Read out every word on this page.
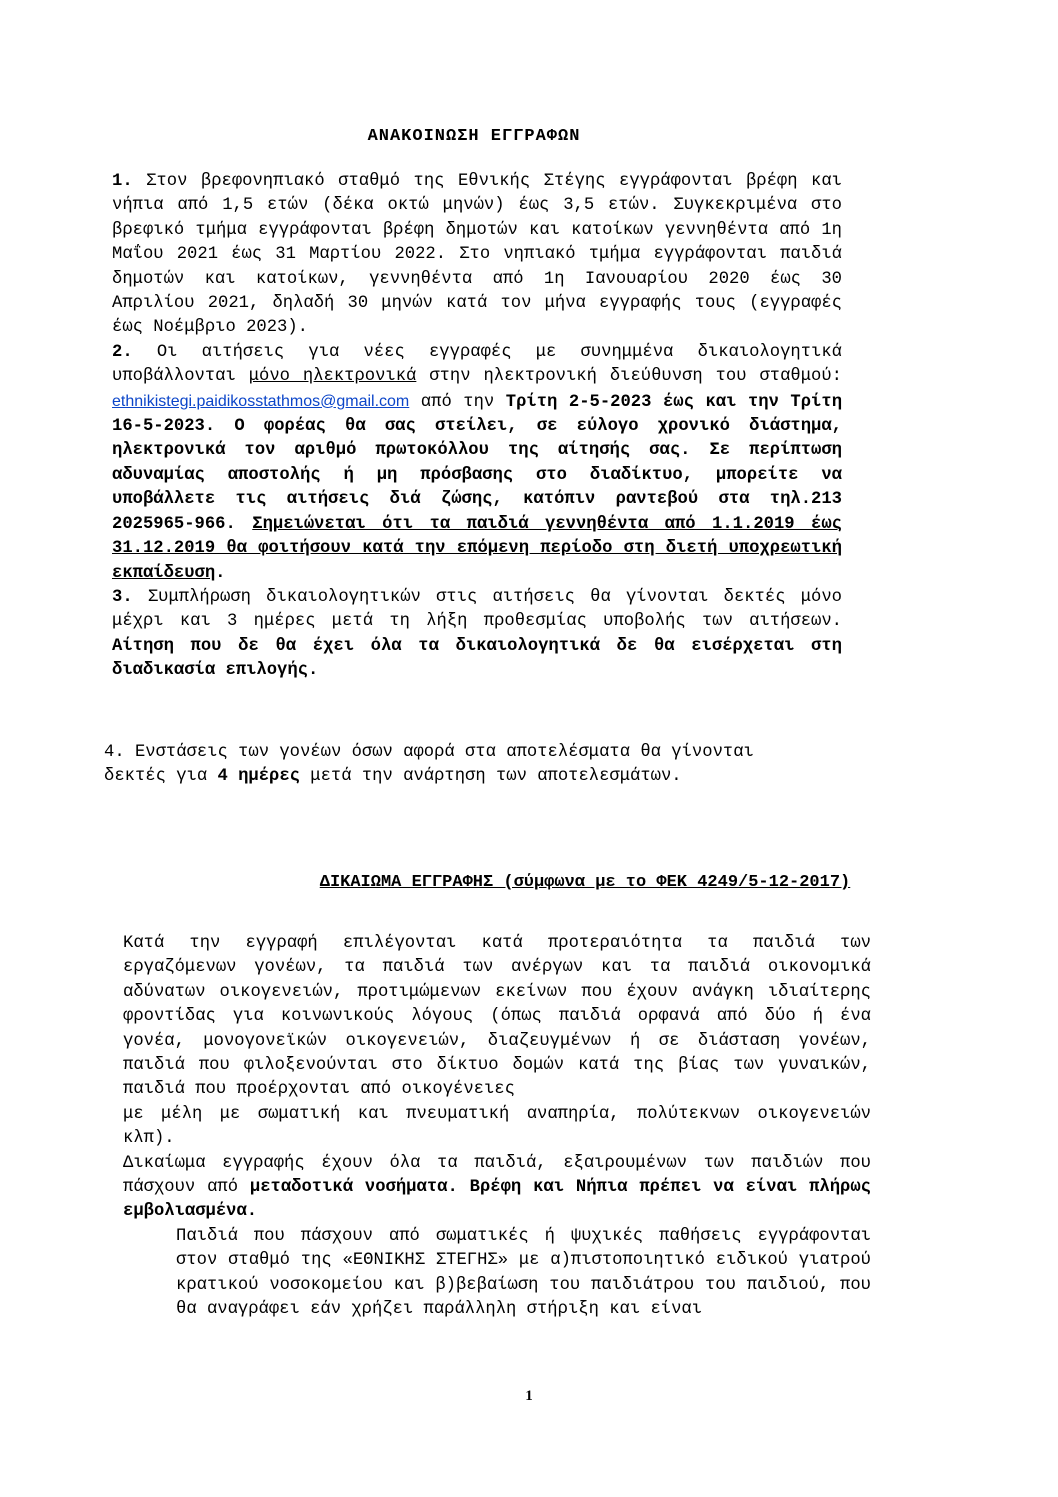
ΑΝΑΚΟΙΝΩΣΗ ΕΓΓΡΑΦΩΝ

1. Στον βρεφονηπιακό σταθμό της Εθνικής Στέγης εγγράφονται βρέφη και νήπια από 1,5 ετών (δέκα οκτώ μηνών) έως 3,5 ετών. Συγκεκριμένα στο βρεφικό τμήμα εγγράφονται βρέφη δημοτών και κατοίκων γεννηθέντα από 1η Μαΐου 2021 έως 31 Μαρτίου 2022. Στο νηπιακό τμήμα εγγράφονται παιδιά δημοτών και κατοίκων, γεννηθέντα από 1η Ιανουαρίου 2020 έως 30 Απριλίου 2021, δηλαδή 30 μηνών κατά τον μήνα εγγραφής τους (εγγραφές έως Νοέμβριο 2023).

2. Οι αιτήσεις για νέες εγγραφές με συνημμένα δικαιολογητικά υποβάλλονται μόνο ηλεκτρονικά στην ηλεκτρονική διεύθυνση του σταθμού: ethnikistegi.paidikosstathmos@gmail.com από την Τρίτη 2-5-2023 έως και την Τρίτη 16-5-2023. Ο φορέας θα σας στείλει, σε εύλογο χρονικό διάστημα, ηλεκτρονικά τον αριθμό πρωτοκόλλου της αίτησής σας. Σε περίπτωση αδυναμίας αποστολής ή μη πρόσβασης στο διαδίκτυο, μπορείτε να υποβάλλετε τις αιτήσεις διά ζώσης, κατόπιν ραντεβού στα τηλ.213 2025965-966. Σημειώνεται ότι τα παιδιά γεννηθέντα από 1.1.2019 έως 31.12.2019 θα φοιτήσουν κατά την επόμενη περίοδο στη διετή υποχρεωτική εκπαίδευση.

3. Συμπλήρωση δικαιολογητικών στις αιτήσεις θα γίνονται δεκτές μόνο μέχρι και 3 ημέρες μετά τη λήξη προθεσμίας υποβολής των αιτήσεων. Αίτηση που δε θα έχει όλα τα δικαιολογητικά δε θα εισέρχεται στη διαδικασία επιλογής.

4. Ενστάσεις των γονέων όσων αφορά στα αποτελέσματα θα γίνονται δεκτές για 4 ημέρες μετά την ανάρτηση των αποτελεσμάτων.
ΔΙΚΑΙΩΜΑ ΕΓΓΡΑΦΗΣ (σύμφωνα με το ΦΕΚ 4249/5-12-2017)

Κατά την εγγραφή επιλέγονται κατά προτεραιότητα τα παιδιά των εργαζόμενων γονέων, τα παιδιά των ανέργων και τα παιδιά οικονομικά αδύνατων οικογενειών, προτιμώμενων εκείνων που έχουν ανάγκη ιδιαίτερης φροντίδας για κοινωνικούς λόγους (όπως παιδιά ορφανά από δύο ή ένα γονέα, μονογονεϊκών οικογενειών, διαζευγμένων ή σε διάσταση γονέων, παιδιά που φιλοξενούνται στο δίκτυο δομών κατά της βίας των γυναικών, παιδιά που προέρχονται από οικογένειες

με μέλη με σωματική και πνευματική αναπηρία, πολύτεκνων οικογενειών κλπ).

Δικαίωμα εγγραφής έχουν όλα τα παιδιά, εξαιρουμένων των παιδιών που πάσχουν από μεταδοτικά νοσήματα. Βρέφη και Νήπια πρέπει να είναι πλήρως εμβολιασμένα.

Παιδιά που πάσχουν από σωματικές ή ψυχικές παθήσεις εγγράφονται στον σταθμό της «ΕΘΝΙΚΗΣ ΣΤΕΓΗΣ» με α)πιστοποιητικό ειδικού γιατρού κρατικού νοσοκομείου και β)βεβαίωση του παιδιάτρου του παιδιού, που θα αναγράφει εάν χρήζει παράλληλη στήριξη και είναι

1
